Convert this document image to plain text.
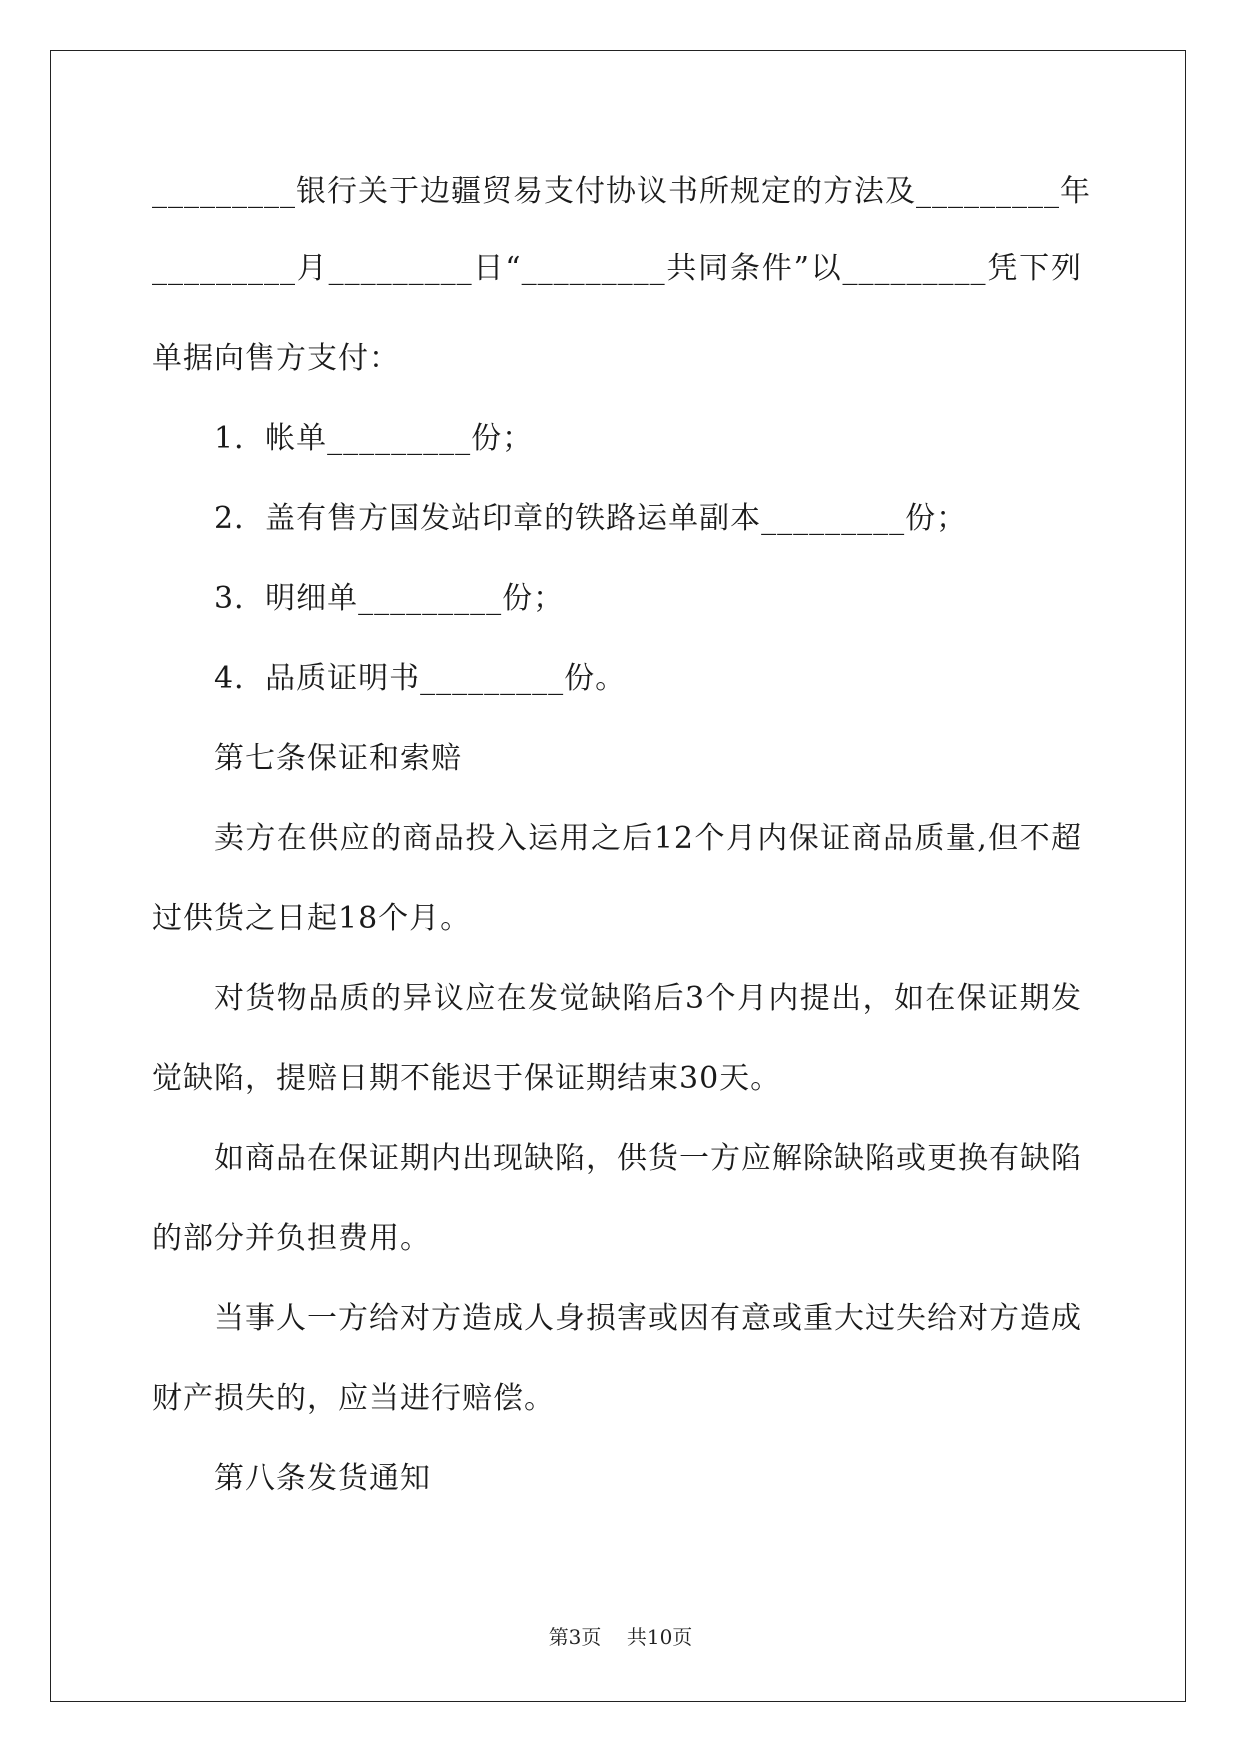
_________银行关于边疆贸易支付协议书所规定的方法及_________年
_________月_________日“_________共同条件”以_________凭下列
单据向售方支付：
1．帐单_________份；
2．盖有售方国发站印章的铁路运单副本_________份；
3．明细单_________份；
4．品质证明书_________份。
第七条保证和索赔
卖方在供应的商品投入运用之后12个月内保证商品质量,但不超
过供货之日起18个月。
对货物品质的异议应在发觉缺陷后3个月内提出，如在保证期发
觉缺陷，提赔日期不能迟于保证期结束30天。
如商品在保证期内出现缺陷，供货一方应解除缺陷或更换有缺陷
的部分并负担费用。
当事人一方给对方造成人身损害或因有意或重大过失给对方造成
财产损失的，应当进行赔偿。
第八条发货通知
第3页    共10页
